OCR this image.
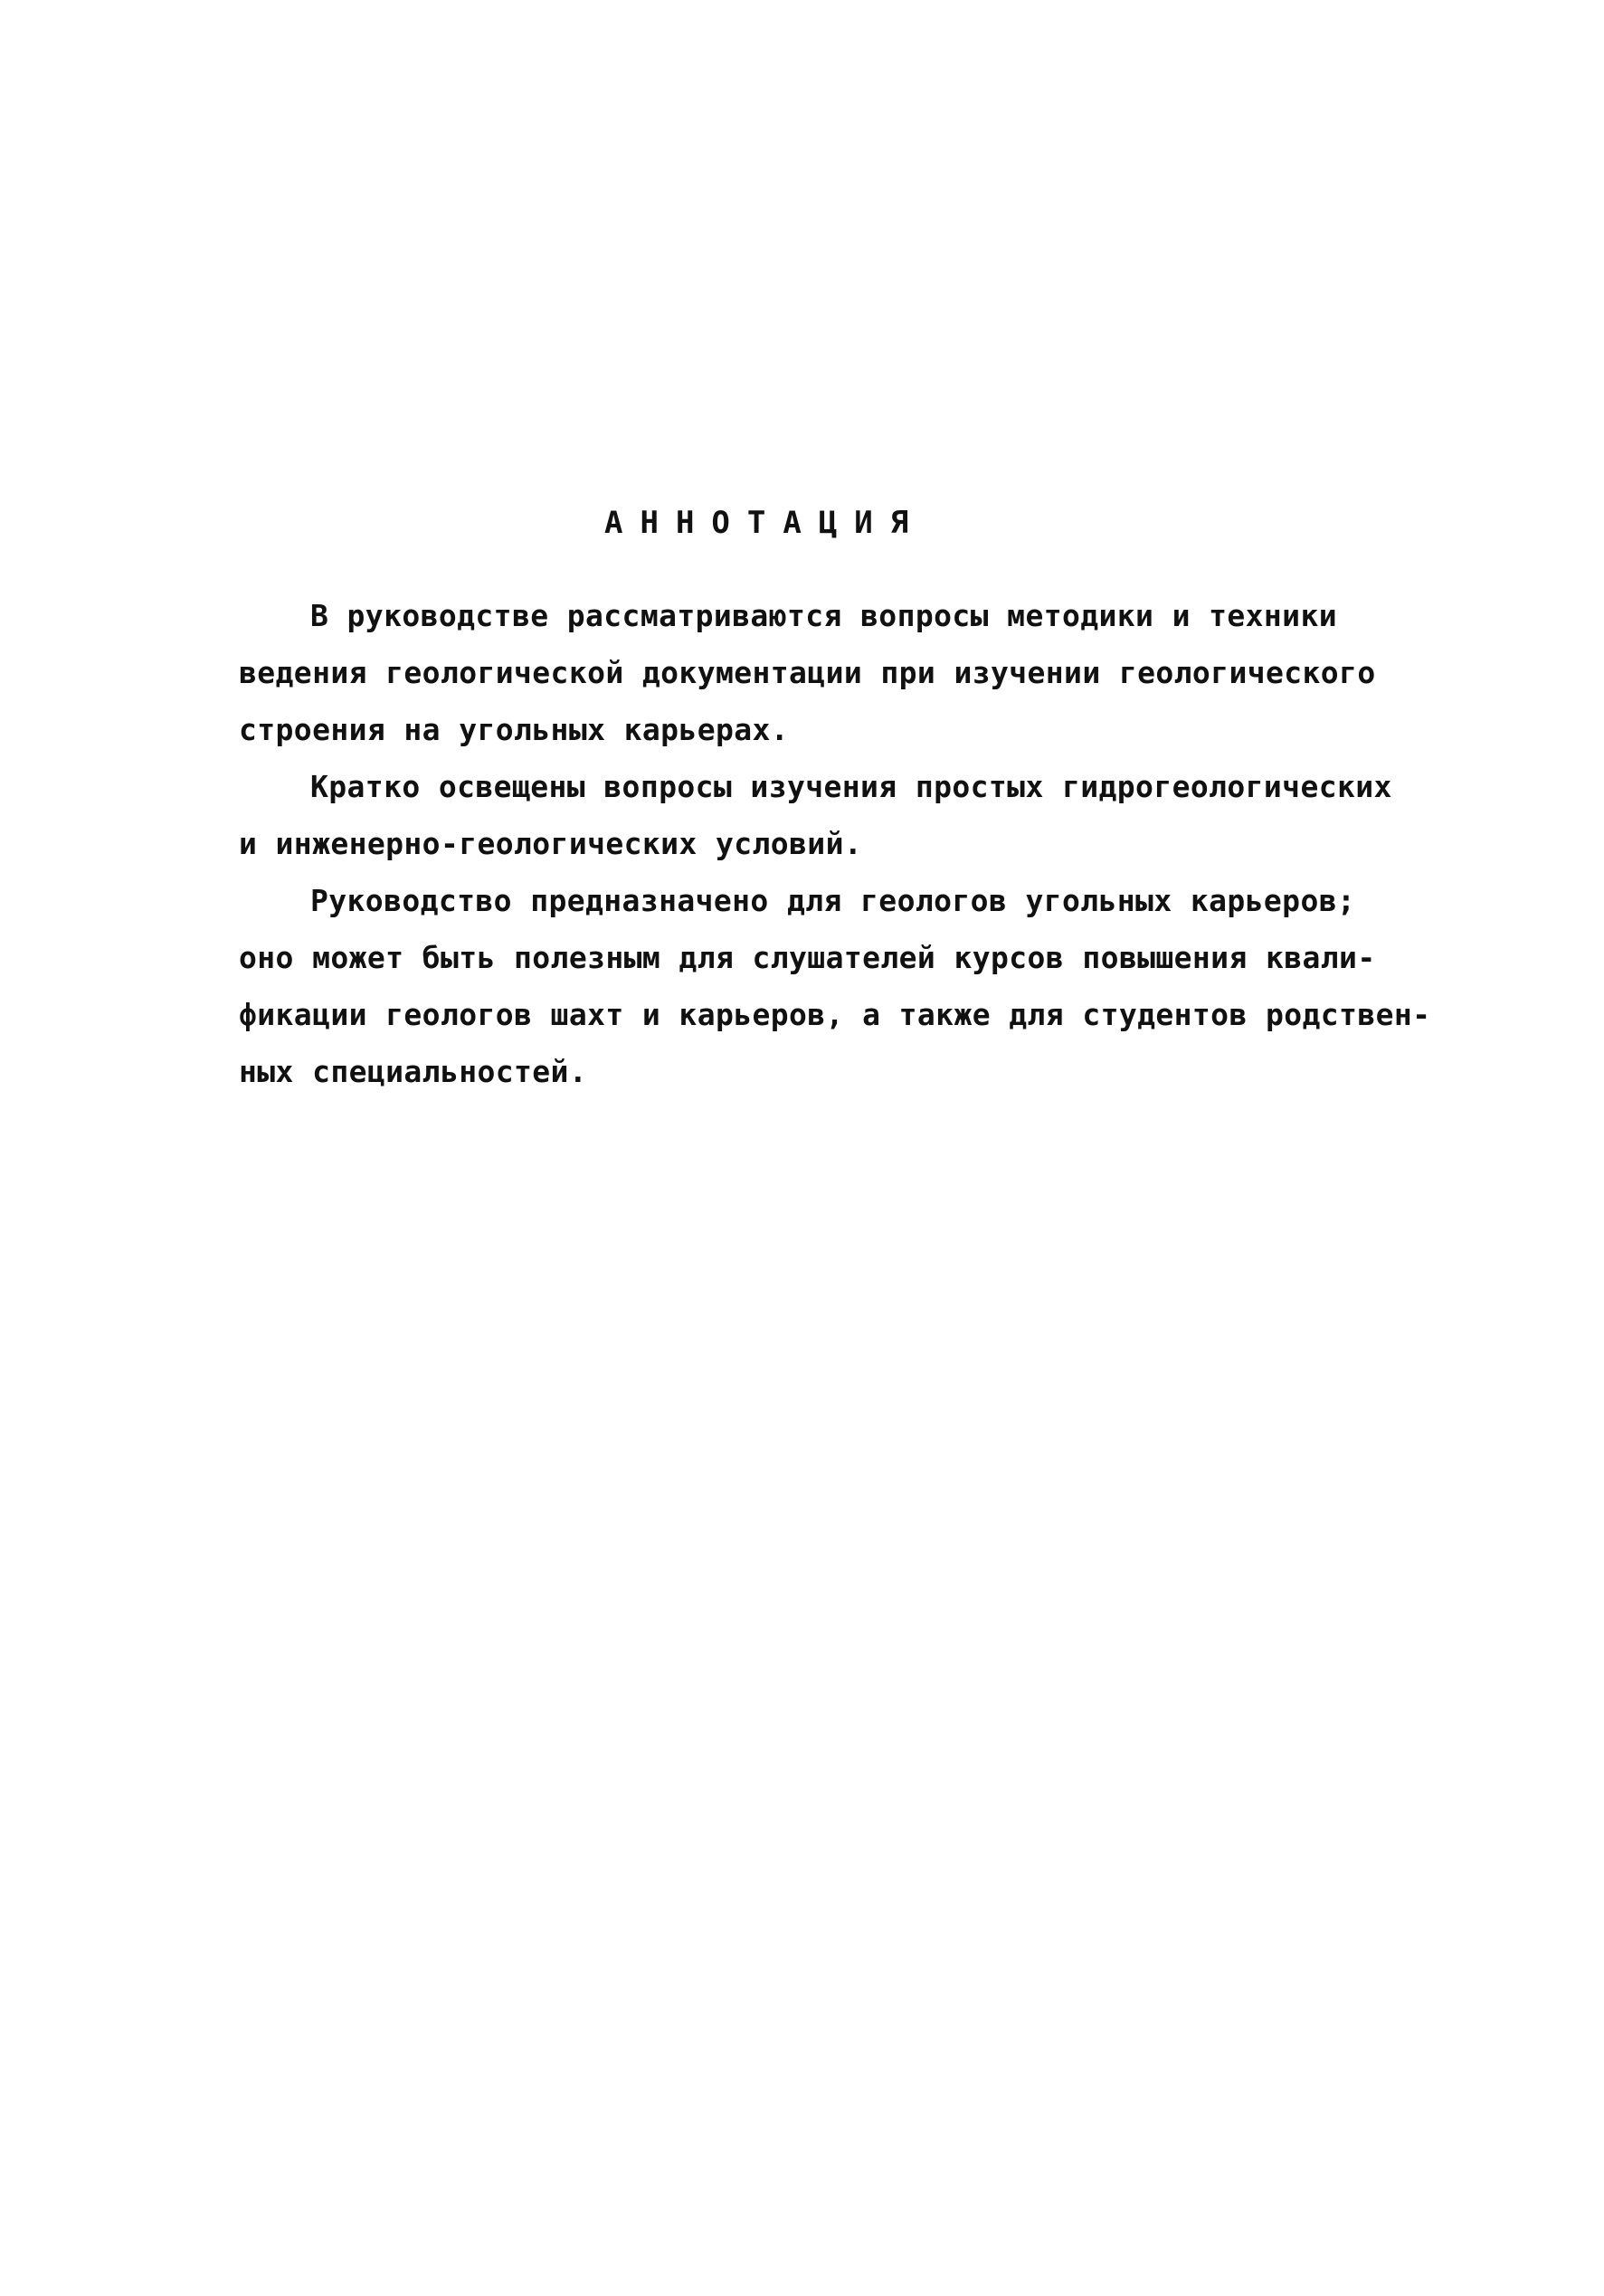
АННОТАЦИЯ
В руководстве рассматриваются вопросы методики и техники
ведения геологической документации при изучении геологического
строения на угольных карьерах.
Кратко освещены вопросы изучения простых гидрогеологических
и инженерно-геологических условий.
Руководство предназначено для геологов угольных карьеров;
оно может быть полезным для слушателей курсов повышения квали-
фикации геологов шахт и карьеров, а также для студентов родствен-
ных специальностей.
